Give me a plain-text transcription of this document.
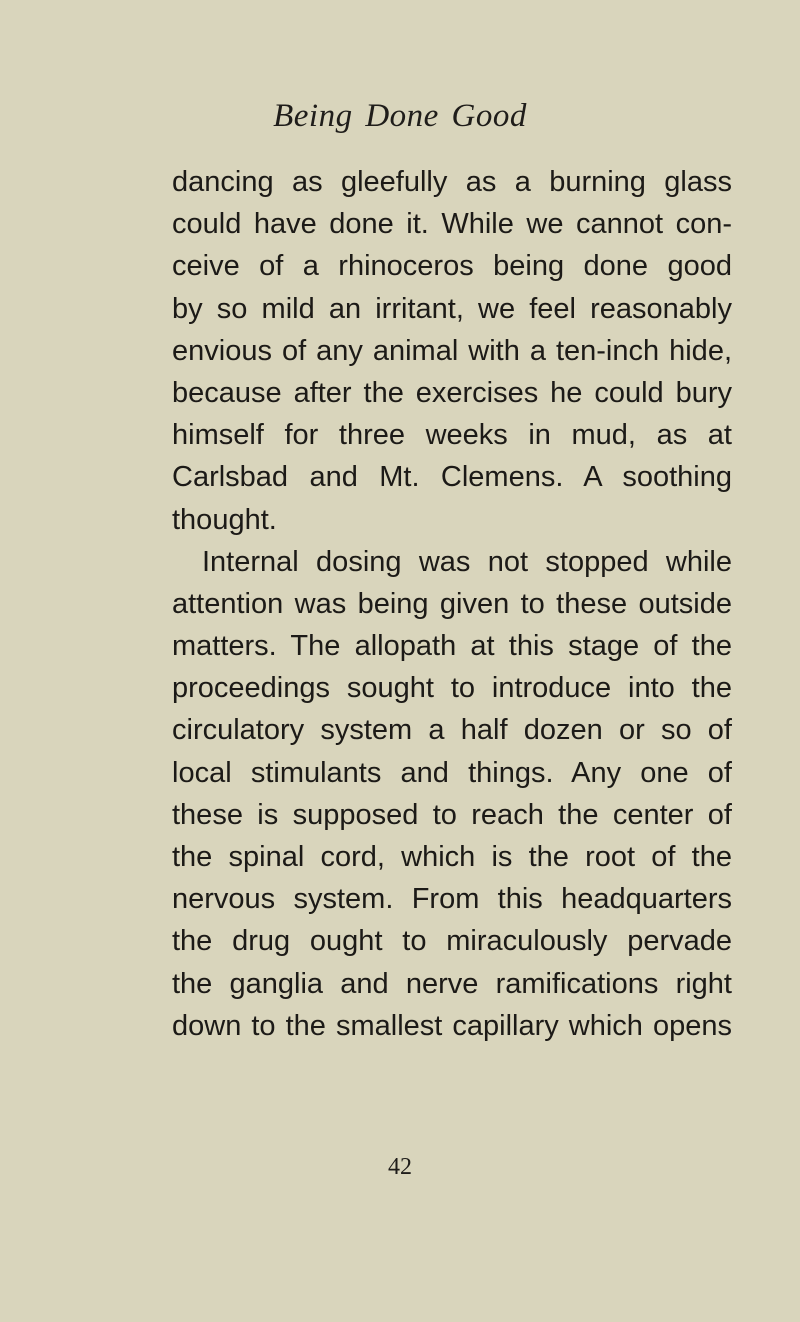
Being Done Good
dancing as gleefully as a burning glass
could have done it. While we cannot con-
ceive of a rhinoceros being done good
by so mild an irritant, we feel reasonably
envious of any animal with a ten-inch hide,
because after the exercises he could bury
himself for three weeks in mud, as at
Carlsbad and Mt. Clemens. A soothing
thought.
Internal dosing was not stopped while
attention was being given to these outside
matters. The allopath at this stage of the
proceedings sought to introduce into the
circulatory system a half dozen or so of
local stimulants and things. Any one of
these is supposed to reach the center of
the spinal cord, which is the root of the
nervous system. From this headquarters
the drug ought to miraculously pervade
the ganglia and nerve ramifications right
down to the smallest capillary which opens
42
